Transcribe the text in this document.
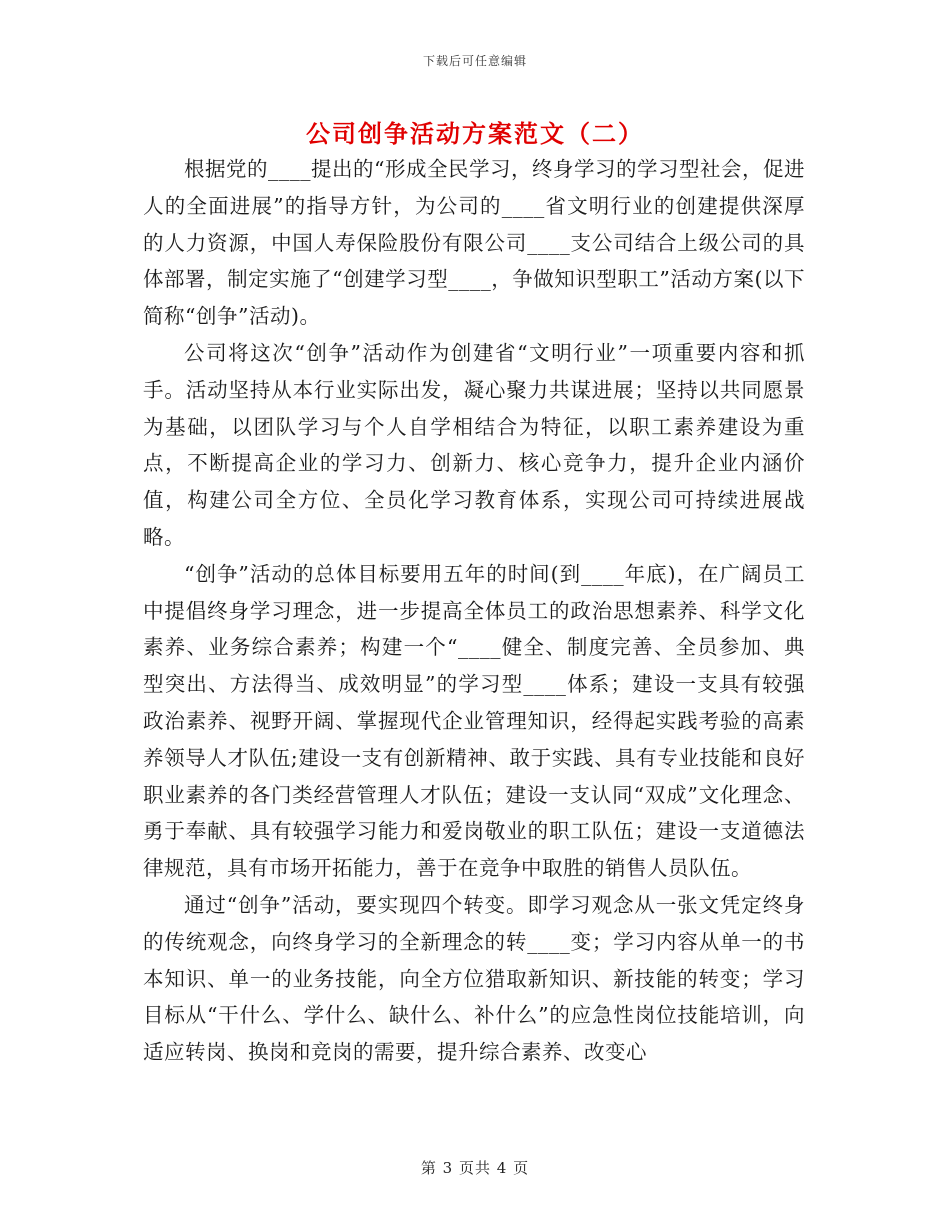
下载后可任意编辑
公司创争活动方案范文（二）

根据党的____提出的“形成全民学习，终身学习的学习型社会，促进人的全面进展”的指导方针，为公司的____省文明行业的创建提供深厚的人力资源，中国人寿保险股份有限公司____支公司结合上级公司的具体部署，制定实施了“创建学习型____，争做知识型职工”活动方案(以下简称“创争”活动)。

公司将这次“创争”活动作为创建省“文明行业”一项重要内容和抓手。活动坚持从本行业实际出发，凝心聚力共谋进展；坚持以共同愿景为基础，以团队学习与个人自学相结合为特征，以职工素养建设为重点，不断提高企业的学习力、创新力、核心竞争力，提升企业内涵价值，构建公司全方位、全员化学习教育体系，实现公司可持续进展战略。

“创争”活动的总体目标要用五年的时间(到____年底)，在广阔员工中提倡终身学习理念，进一步提高全体员工的政治思想素养、科学文化素养、业务综合素养；构建一个“____健全、制度完善、全员参加、典型突出、方法得当、成效明显”的学习型____体系；建设一支具有较强政治素养、视野开阔、掌握现代企业管理知识，经得起实践考验的高素养领导人才队伍;建设一支有创新精神、敢于实践、具有专业技能和良好职业素养的各门类经营管理人才队伍；建设一支认同“双成”文化理念、勇于奉献、具有较强学习能力和爱岗敬业的职工队伍；建设一支道德法律规范，具有市场开拓能力，善于在竞争中取胜的销售人员队伍。

通过“创争”活动，要实现四个转变。即学习观念从一张文凭定终身的传统观念，向终身学习的全新理念的转____变；学习内容从单一的书本知识、单一的业务技能，向全方位猎取新知识、新技能的转变；学习目标从“干什么、学什么、缺什么、补什么”的应急性岗位技能培训，向适应转岗、换岗和竞岗的需要，提升综合素养、改变心

第 3 页共 4 页
